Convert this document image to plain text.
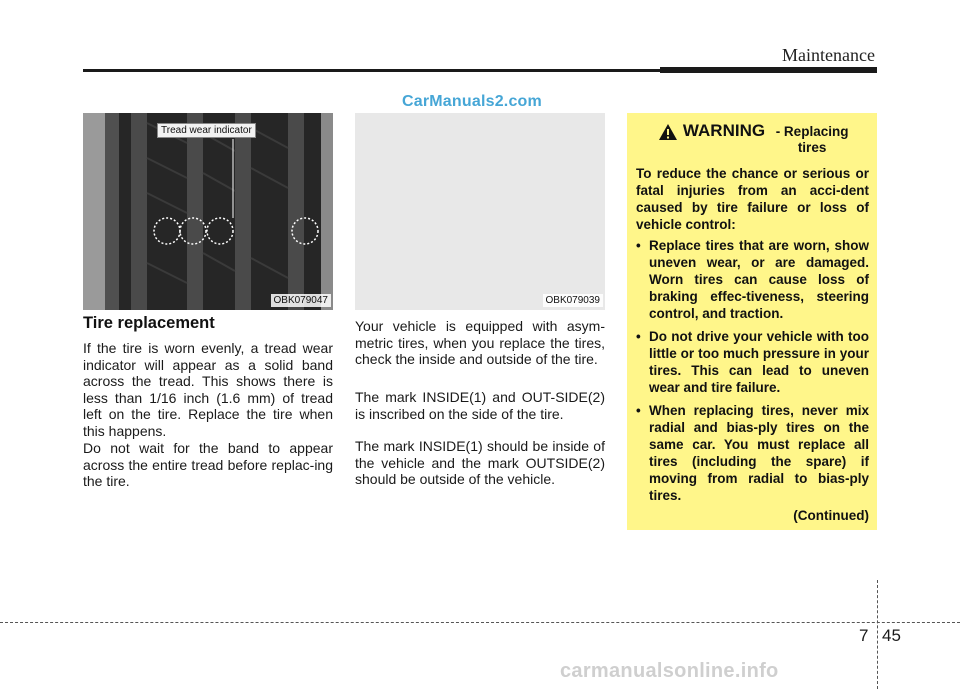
Maintenance
CarManuals2.com
Tread wear indicator
OBK079047	OBK079039
Tire replacement

If the tire is worn evenly, a tread wear indicator will appear as a solid band across the tread. This shows there is less than 1/16 inch (1.6 mm) of tread left on the tire. Replace the tire when this happens.

Do not wait for the band to appear across the entire tread before replac-ing the tire.

Your vehicle is equipped with asym-metric tires, when you replace the tires, check the inside and outside of the tire.

The mark INSIDE(1) and OUT-SIDE(2) is inscribed on the side of the tire.

The mark INSIDE(1) should be inside of the vehicle and the mark OUTSIDE(2) should be outside of the vehicle.

WARNING - Replacing tires

To reduce the chance or serious or fatal injuries from an acci-dent caused by tire failure or loss of vehicle control:

• Replace tires that are worn, show uneven wear, or are damaged. Worn tires can cause loss of braking effec-tiveness, steering control, and traction.
• Do not drive your vehicle with too little or too much pressure in your tires. This can lead to uneven wear and tire failure.
• When replacing tires, never mix radial and bias-ply tires on the same car. You must replace all tires (including the spare) if moving from radial to bias-ply tires.
(Continued)
7 45
carmanualsonline.info
